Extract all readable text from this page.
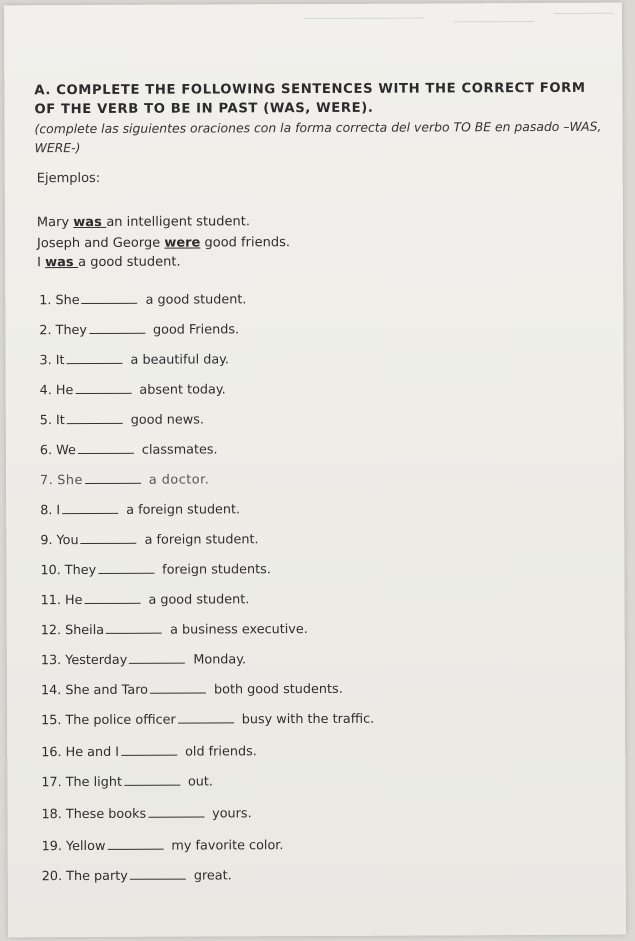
A. COMPLETE THE FOLLOWING SENTENCES WITH THE CORRECT FORM OF THE VERB TO BE IN PAST (WAS, WERE).
(complete las siguientes oraciones con la forma correcta del verbo TO BE en pasado –WAS, WERE-)
Ejemplos:
Mary was an intelligent student.
Joseph and George were good friends.
I was a good student.
1. She	a good student.
2. They	good Friends.
3. It	a beautiful day.
4. He	absent today.
5. It	good news.
6. We	classmates.
7. She	a doctor.
8. I	a foreign student.
9. You	a foreign student.
10. They	foreign students.
11. He	a good student.
12. Sheila	a business executive.
13. Yesterday	Monday.
14. She and Taro	both good students.
15. The police officer	busy with the traffic.
16. He and I	old friends.
17. The light	out.
18. These books	yours.
19. Yellow	my favorite color.
20. The party	great.
